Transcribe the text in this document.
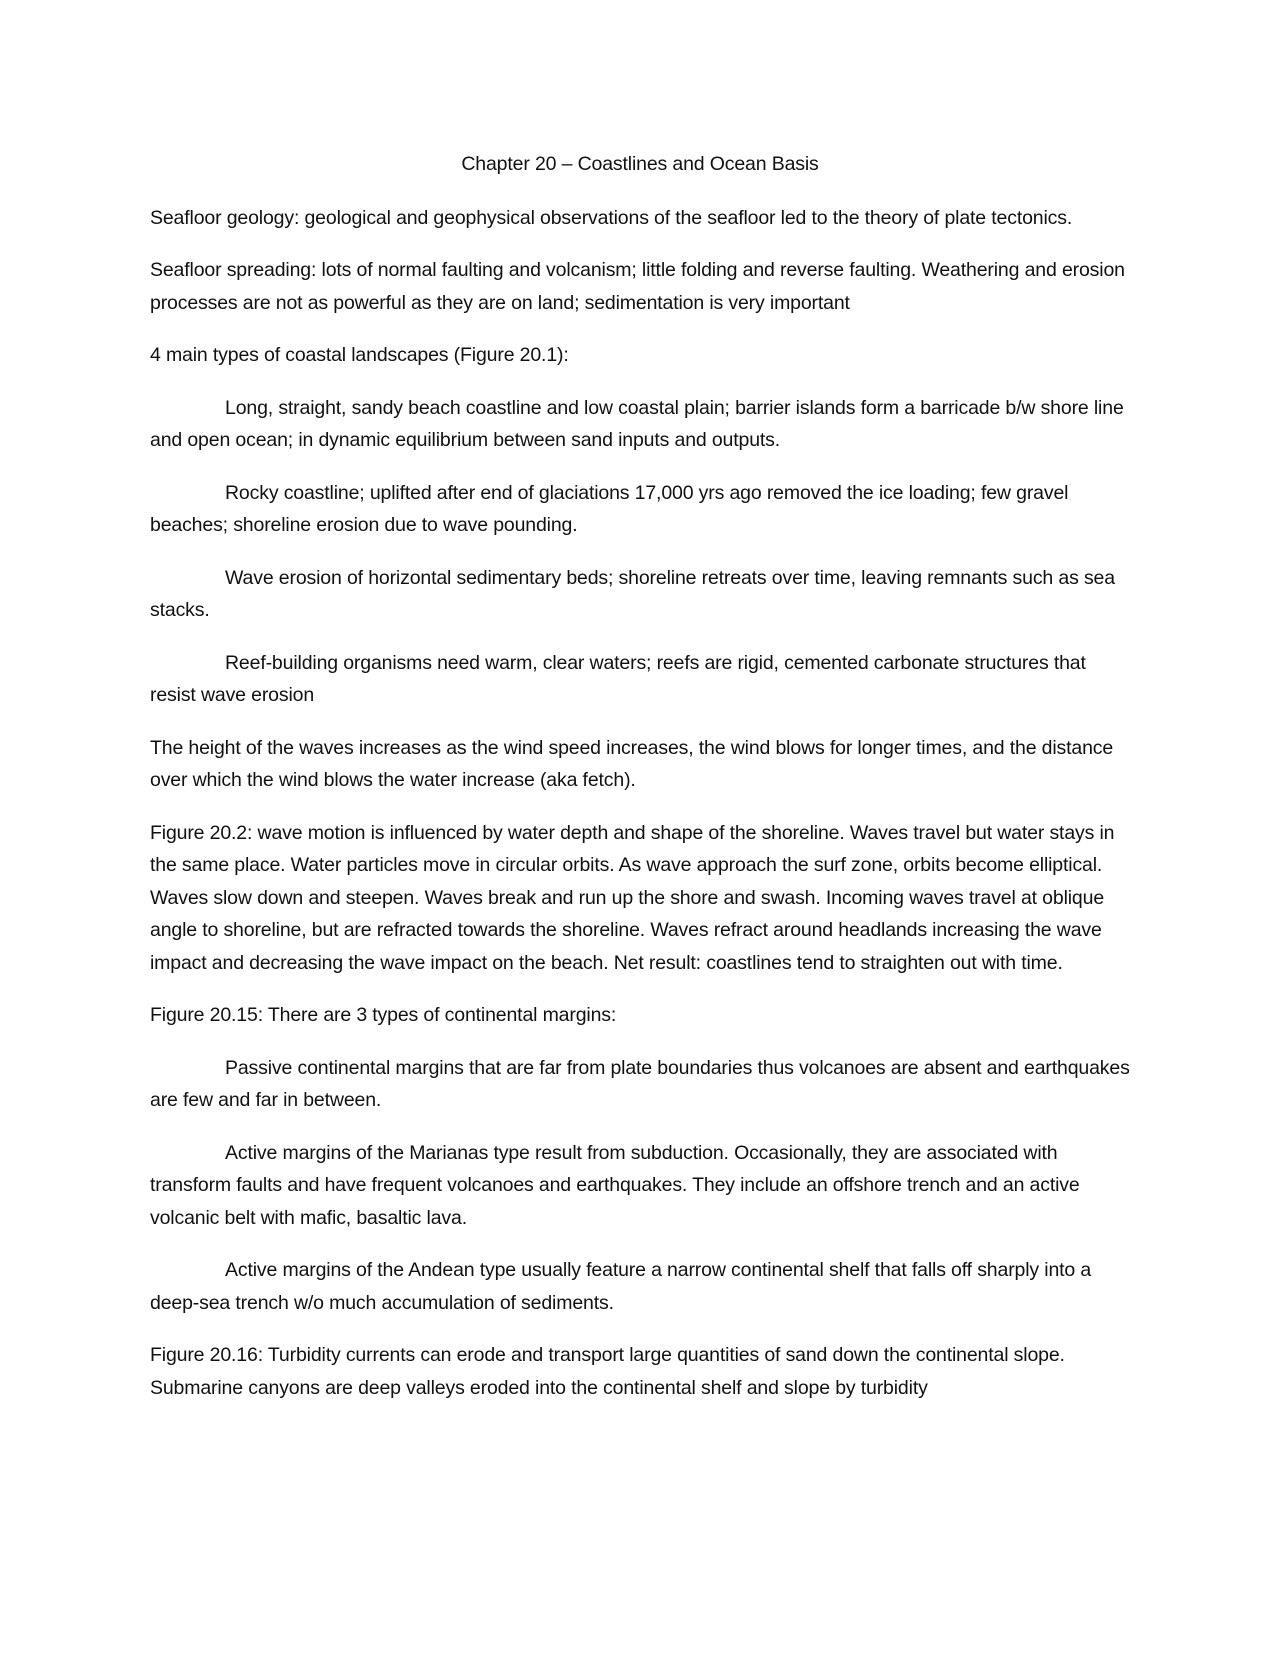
Chapter 20 – Coastlines and Ocean Basis

Seafloor geology: geological and geophysical observations of the seafloor led to the theory of plate tectonics.

Seafloor spreading: lots of normal faulting and volcanism; little folding and reverse faulting. Weathering and erosion processes are not as powerful as they are on land; sedimentation is very important

4 main types of coastal landscapes (Figure 20.1):

Long, straight, sandy beach coastline and low coastal plain; barrier islands form a barricade b/w shore line and open ocean; in dynamic equilibrium between sand inputs and outputs.

Rocky coastline; uplifted after end of glaciations 17,000 yrs ago removed the ice loading; few gravel beaches; shoreline erosion due to wave pounding.

Wave erosion of horizontal sedimentary beds; shoreline retreats over time, leaving remnants such as sea stacks.

Reef-building organisms need warm, clear waters; reefs are rigid, cemented carbonate structures that resist wave erosion

The height of the waves increases as the wind speed increases, the wind blows for longer times, and the distance over which the wind blows the water increase (aka fetch).

Figure 20.2: wave motion is influenced by water depth and shape of the shoreline. Waves travel but water stays in the same place. Water particles move in circular orbits. As wave approach the surf zone, orbits become elliptical. Waves slow down and steepen. Waves break and run up the shore and swash. Incoming waves travel at oblique angle to shoreline, but are refracted towards the shoreline. Waves refract around headlands increasing the wave impact and decreasing the wave impact on the beach. Net result: coastlines tend to straighten out with time.

Figure 20.15: There are 3 types of continental margins:

Passive continental margins that are far from plate boundaries thus volcanoes are absent and earthquakes are few and far in between.

Active margins of the Marianas type result from subduction. Occasionally, they are associated with transform faults and have frequent volcanoes and earthquakes. They include an offshore trench and an active volcanic belt with mafic, basaltic lava.

Active margins of the Andean type usually feature a narrow continental shelf that falls off sharply into a deep-sea trench w/o much accumulation of sediments.

Figure 20.16: Turbidity currents can erode and transport large quantities of sand down the continental slope. Submarine canyons are deep valleys eroded into the continental shelf and slope by turbidity
